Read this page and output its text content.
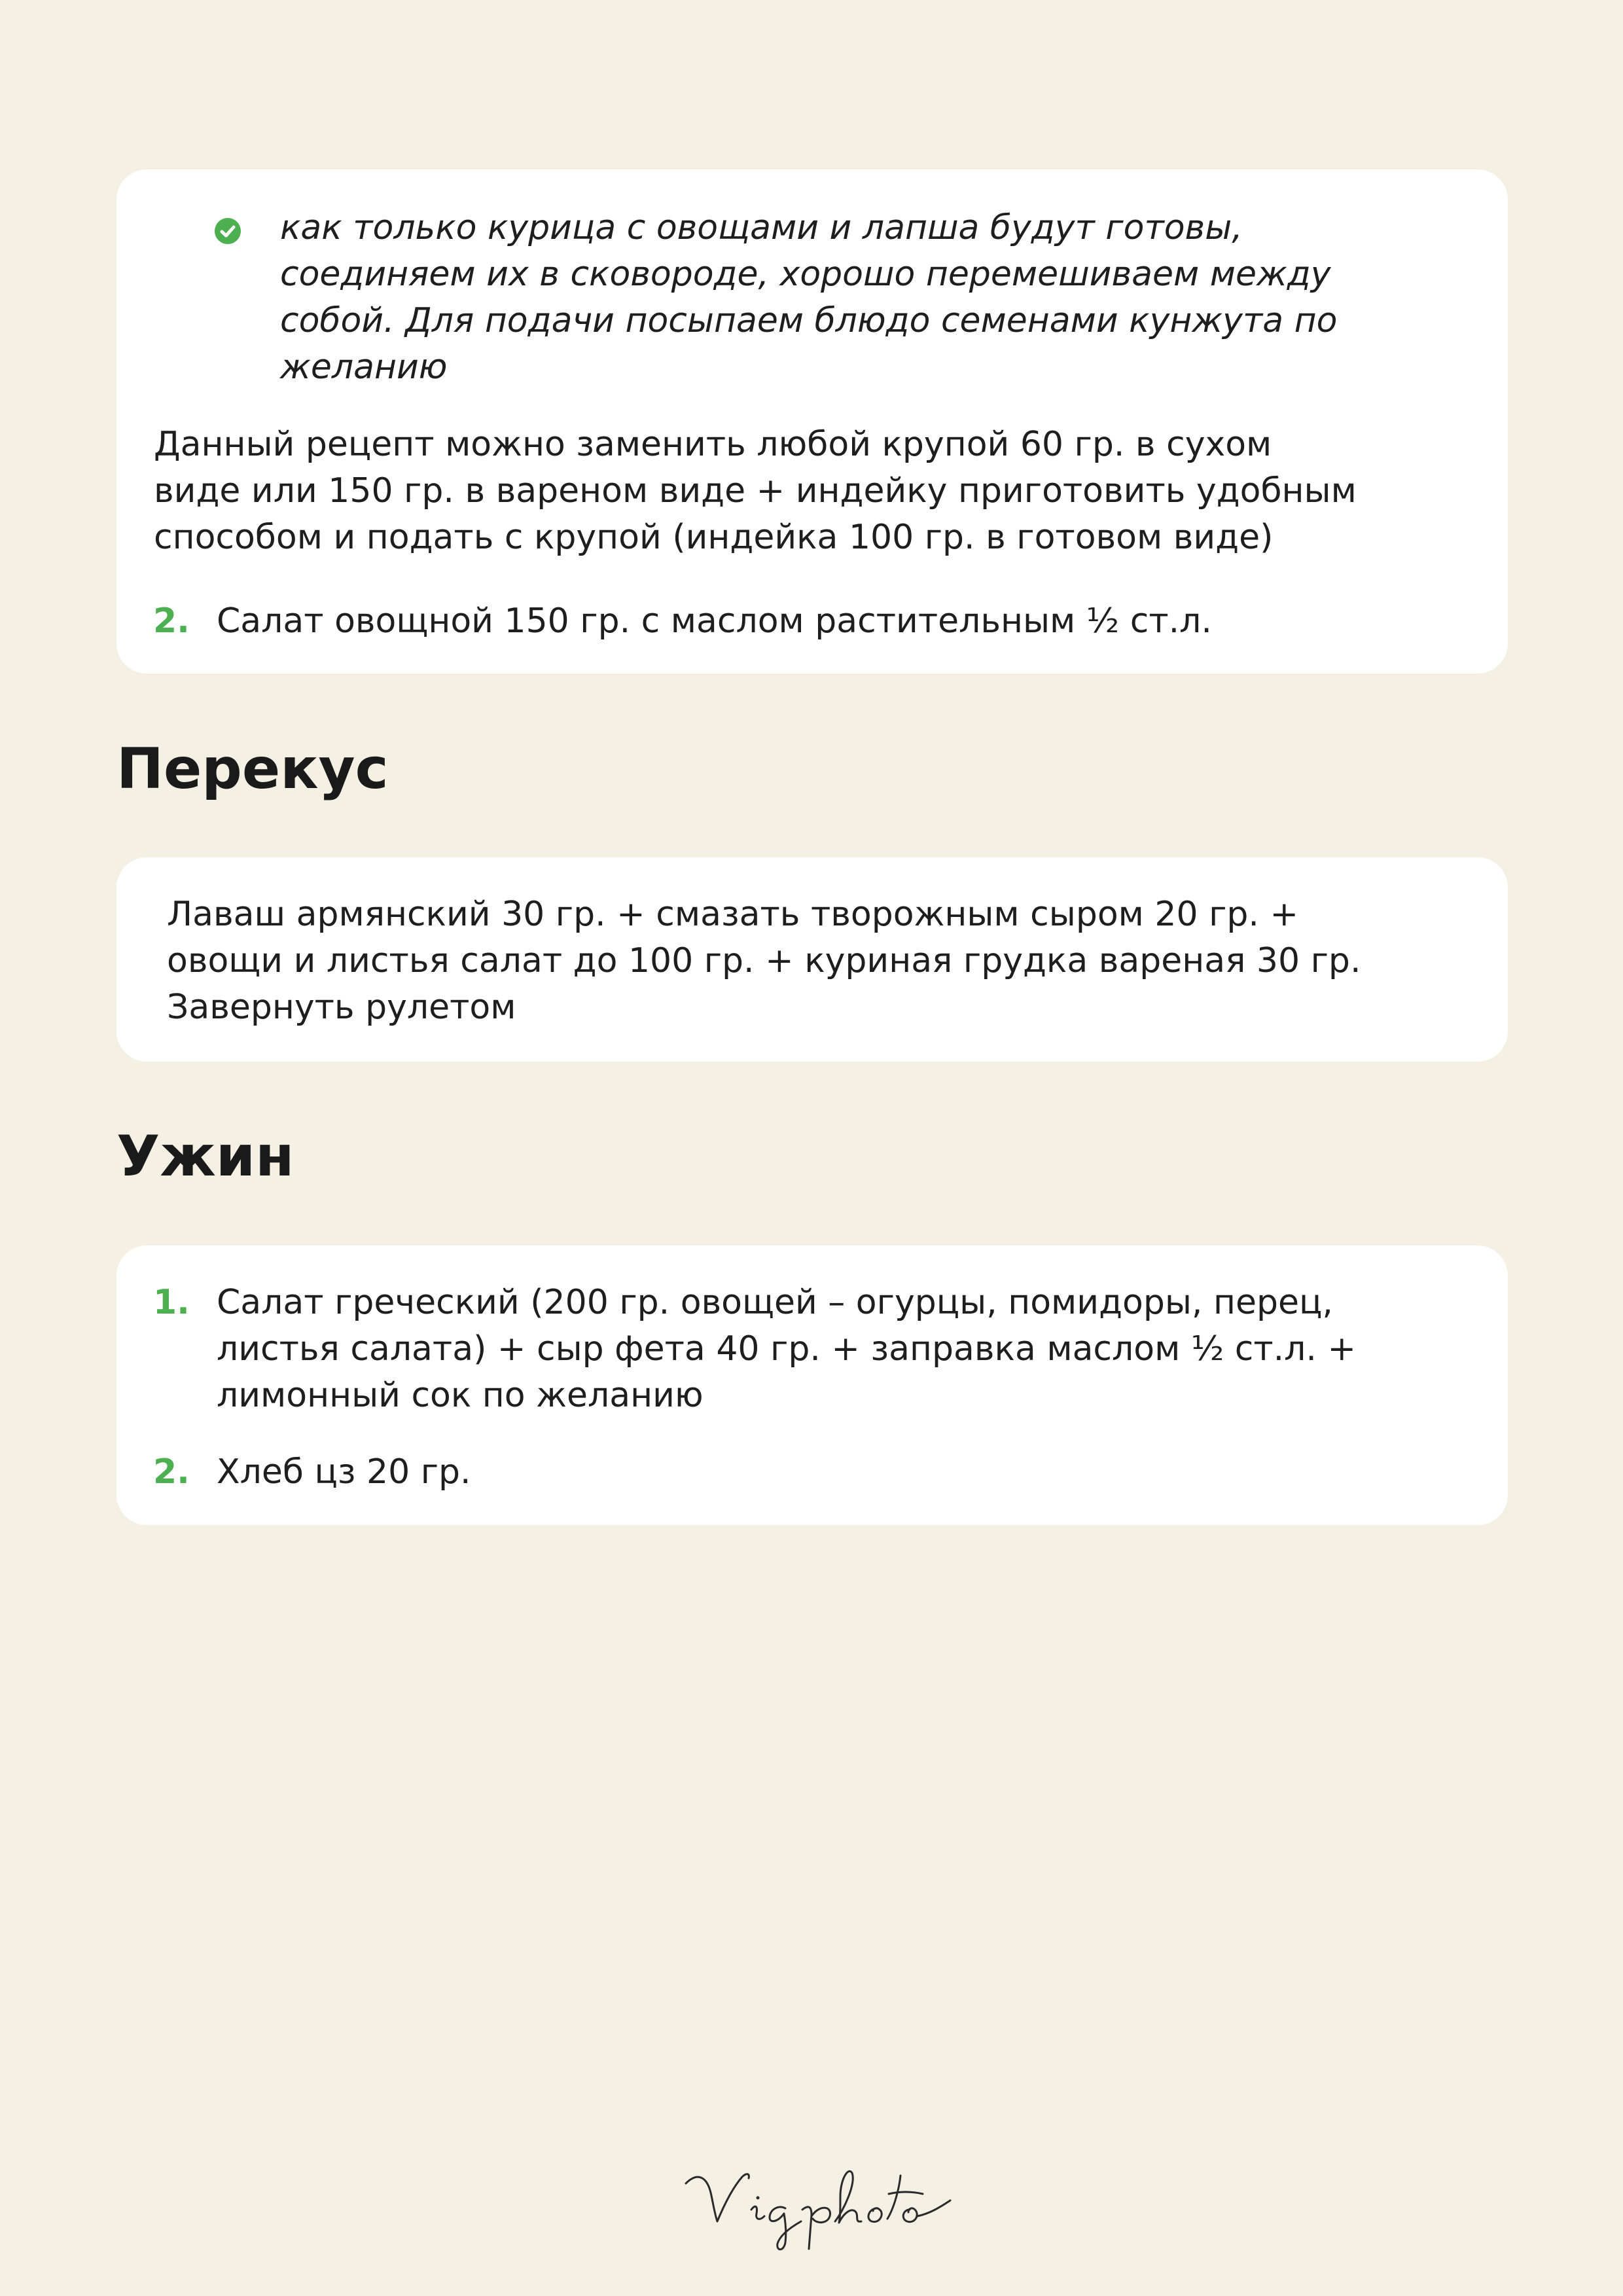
как только курица с овощами и лапша будут готовы,
соединяем их в сковороде, хорошо перемешиваем между
собой. Для подачи посыпаем блюдо семенами кунжута по
желанию
Данный рецепт можно заменить любой крупой 60 гр. в сухом
виде или 150 гр. в вареном виде + индейку приготовить удобным
способом и подать с крупой (индейка 100 гр. в готовом виде)
2. Салат овощной 150 гр. с маслом растительным ½ ст.л.
Перекус
Лаваш армянский 30 гр. + смазать творожным сыром 20 гр. +
овощи и листья салат до 100 гр. + куриная грудка вареная 30 гр.
Завернуть рулетом
Ужин
1. Салат греческий (200 гр. овощей – огурцы, помидоры, перец,
листья салата) + сыр фета 40 гр. + заправка маслом ½ ст.л. +
лимонный сок по желанию
2. Хлеб цз 20 гр.
